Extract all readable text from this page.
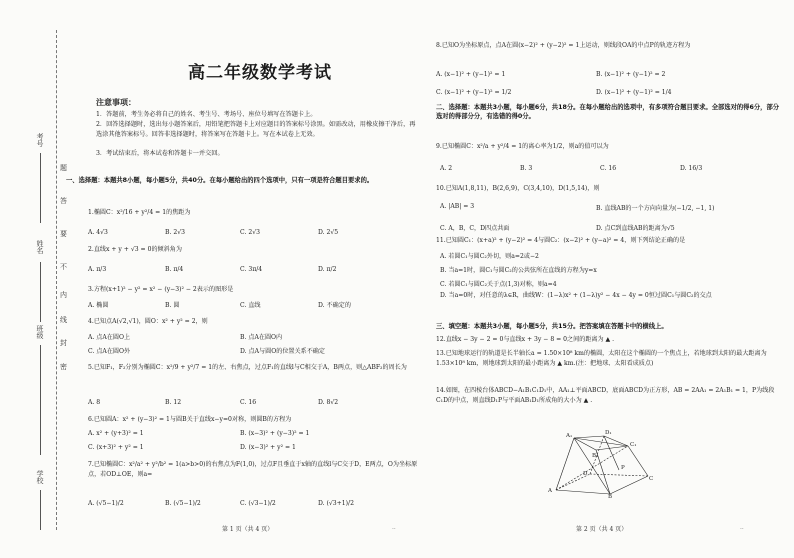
考号
姓名
班级
学校
题
答
要
不
内
线
封
密
高二年级数学考试
注意事项：
1．答题前，考生务必将自己的姓名、考生号、考场号、座位号填写在答题卡上。
2．回答选择题时，选出每小题答案后，用铅笔把答题卡上对应题目的答案标号涂黑。如需改动，用橡皮擦干净后，再选涂其他答案标号。回答非选择题时，将答案写在答题卡上。写在本试卷上无效。
3．考试结束后，将本试卷和答题卡一并交回。
一、选择题：本题共8小题，每小题5分，共40分。在每小题给出的四个选项中，只有一项是符合题目要求的。
1.椭圆C：x²/16 + y²/4 = 1的焦距为
A. 4√3	B. 2√3	C. 2√3	D. 2√5
2.直线x + y + √3 = 0的倾斜角为
A. π/3	B. π/4	C. 3π/4	D. π/2
3.方程(x+1)² − y² = x² − (y−3)² − 2表示的图形是
A. 椭圆	B. 圆	C. 直线	D. 不确定的
4.已知点A(√2,√1)，圆O：x² + y² = 2，则
A. 点A在圆O上	B. 点A在圆O内
C. 点A在圆O外	D. 点A与圆O的位置关系不确定
5.已知F₁，F₂分别为椭圆C：x²/9 + y²/7 = 1的左、右焦点，过点F₁的直线l与C相交于A，B两点，则△ABF₂的周长为
A. 8	B. 12	C. 16	D. 8√2
6.已知圆A：x² + (y−3)² = 1与圆B关于直线x−y=0对称，则圆B的方程为
A. x² + (y+3)² = 1	B. (x−3)² + (y−3)² = 1
C. (x+3)² + y² = 1	D. (x−3)² + y² = 1
7.已知椭圆C：x²/a² + y²/b² = 1(a>b>0)的右焦点为F(1,0)，过点F且垂直于x轴的直线l与C交于D，E两点，O为坐标原点，若OD⊥OE，则a=
A. (√5−1)/2	B. (√5−1)/2	C. (√3−1)/2	D. (√3+1)/2
第 1 页（共 4 页）	··
8.已知O为坐标原点，点A在圆(x−2)² + (y−2)² = 1上运动，则线段OA的中点P的轨迹方程为
A. (x−1)² + (y−1)² = 1	B. (x−1)² + (y−1)² = 2
C. (x−1)² + (y−1)² = 1/2	D. (x−1)² + (y−1)² = 1/4
二、选择题：本题共3小题，每小题6分，共18分。在每小题给出的选项中，有多项符合题目要求。全部选对的得6分，部分选对的得部分分，有选错的得0分。
9.已知椭圆C：x²/a + y²/4 = 1的离心率为1/2，则a的值可以为
A. 2	B. 3	C. 16	D. 16/3
10.已知A(1,8,11)，B(2,6,9)，C(3,4,10)，D(1,5,14)，则
A. |AB| = 3	B. 直线AB的一个方向向量为(−1/2, −1, 1)
C. A，B，C，D四点共面	D. 点C到直线AB的距离为√5
11.已知圆C₁：(x+a)² + (y−2)² = 4与圆C₂：(x−2)² + (y−a)² = 4，则下列结论正确的是
A. 若圆C₁与圆C₂外切，则a=2或−2
B. 当a=1时，圆C₁与圆C₂的公共弦所在直线的方程为y=x
C. 若圆C₁与圆C₂关于点(1,3)对称，则a=4
D. 当a=0时，对任意的λ∈R，曲线W：(1−λ)x² + (1−λ)y² − 4x − 4y = 0恒过圆C₁与圆C₂的交点
三、填空题：本题共3小题，每小题5分，共15分。把答案填在答题卡中的横线上。
12.直线x − 3y − 2 = 0与直线x + 3y − 8 = 0之间的距离为 ▲ .
13.已知地球运行的轨道是长半轴长a = 1.50×10⁸ km的椭圆，太阳在这个椭圆的一个焦点上，若地球到太阳的最大距离为1.53×10⁸ km，则地球到太阳的最小距离为 ▲ km.(注：把地球、太阳看成质点)
14.如图，在四棱台体ABCD−A₁B₁C₁D₁中，AA₁⊥平面ABCD，底面ABCD为正方形，AB = 2AA₁ = 2A₁B₁ = 1，P为线段C₁D的中点，则直线D₁P与平面AB₁D₁所成角的大小为 ▲ .
A₁	D₁
C₁
B₁
A
B
C
D
P
第 2 页（共 4 页）	··
